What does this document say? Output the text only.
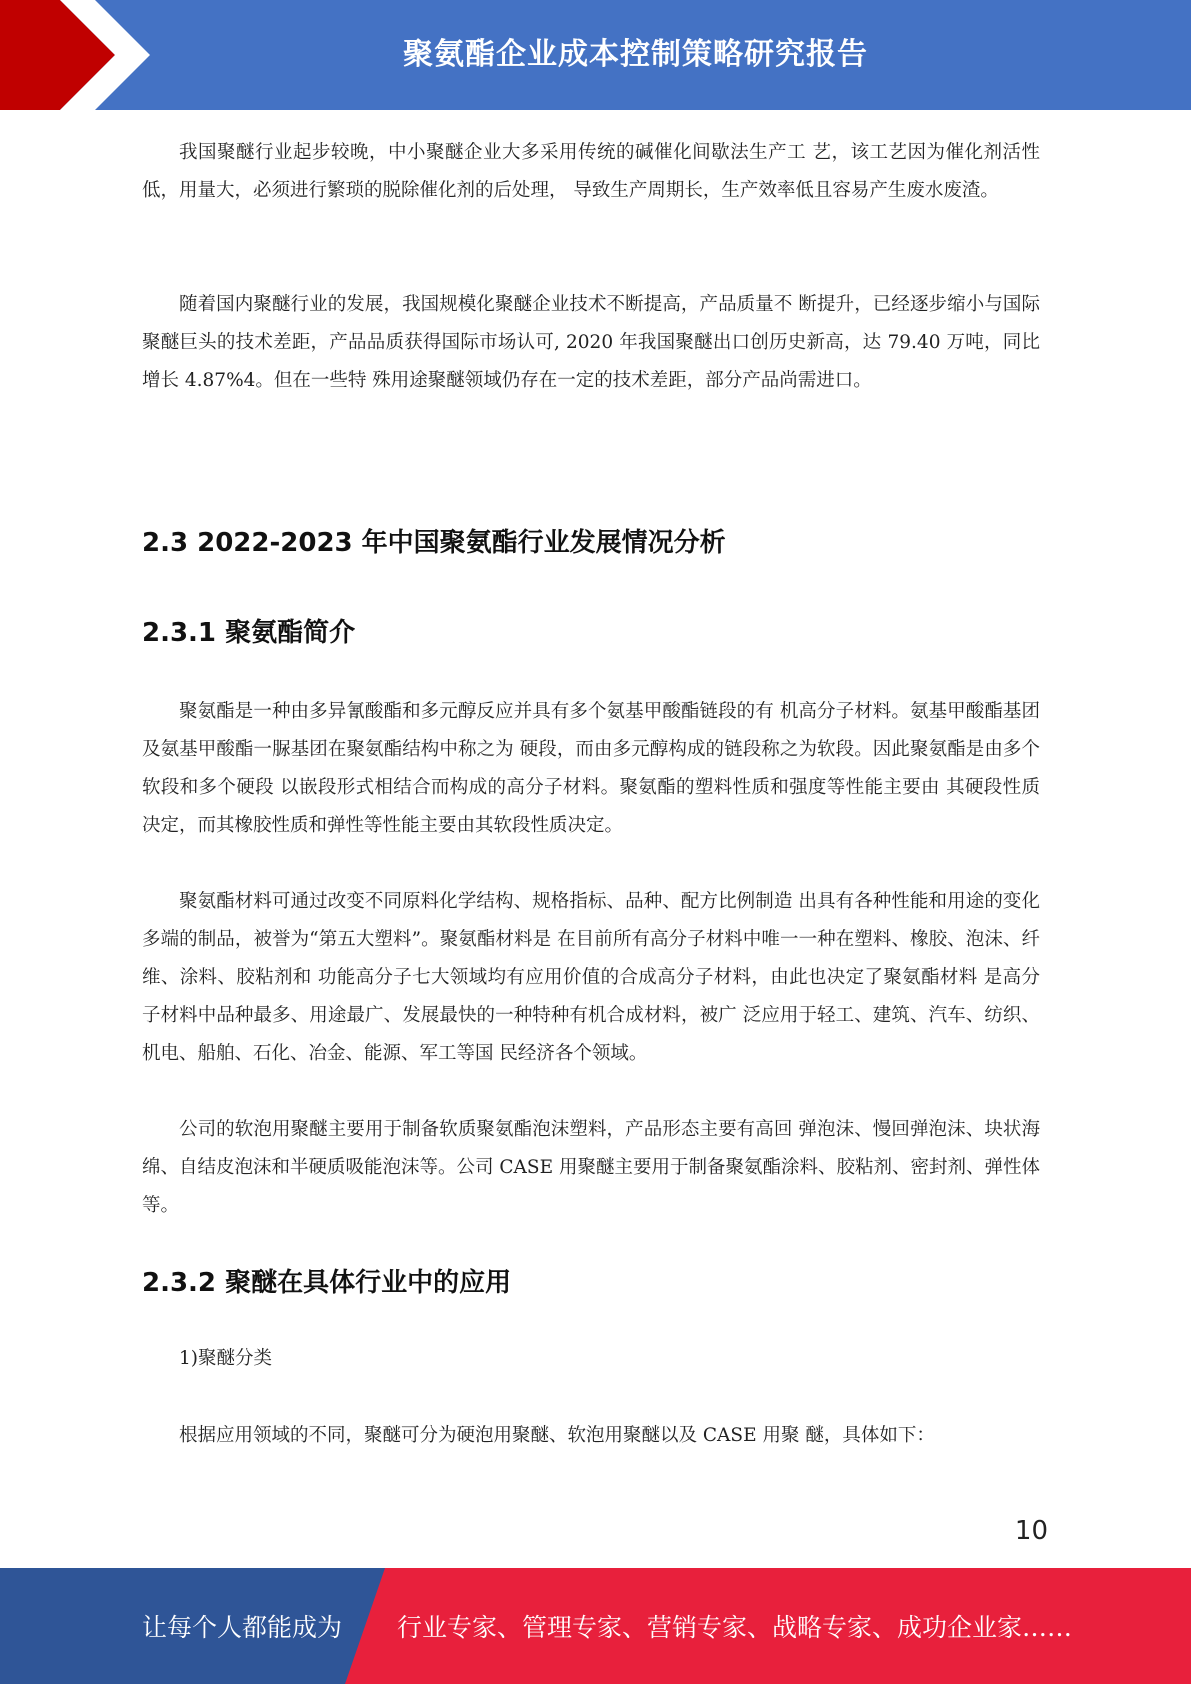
聚氨酯企业成本控制策略研究报告

我国聚醚行业起步较晚，中小聚醚企业大多采用传统的碱催化间歇法生产工 艺，该工艺因为催化剂活性低，用量大，必须进行繁琐的脱除催化剂的后处理， 导致生产周期长，生产效率低且容易产生废水废渣。

随着国内聚醚行业的发展，我国规模化聚醚企业技术不断提高，产品质量不 断提升，已经逐步缩小与国际聚醚巨头的技术差距，产品品质获得国际市场认可, 2020 年我国聚醚出口创历史新高，达 79.40 万吨，同比增长 4.87%4。但在一些特 殊用途聚醚领域仍存在一定的技术差距，部分产品尚需进口。

2.3 2022-2023 年中国聚氨酯行业发展情况分析
2.3.1 聚氨酯简介

聚氨酯是一种由多异氰酸酯和多元醇反应并具有多个氨基甲酸酯链段的有 机高分子材料。氨基甲酸酯基团及氨基甲酸酯一脲基团在聚氨酯结构中称之为 硬段，而由多元醇构成的链段称之为软段。因此聚氨酯是由多个软段和多个硬段 以嵌段形式相结合而构成的高分子材料。聚氨酯的塑料性质和强度等性能主要由 其硬段性质决定，而其橡胶性质和弹性等性能主要由其软段性质决定。

聚氨酯材料可通过改变不同原料化学结构、规格指标、品种、配方比例制造 出具有各种性能和用途的变化多端的制品，被誉为“第五大塑料”。聚氨酯材料是 在目前所有高分子材料中唯一一种在塑料、橡胶、泡沫、纤维、涂料、胶粘剂和 功能高分子七大领域均有应用价值的合成高分子材料，由此也决定了聚氨酯材料 是高分子材料中品种最多、用途最广、发展最快的一种特种有机合成材料，被广 泛应用于轻工、建筑、汽车、纺织、机电、船舶、石化、冶金、能源、军工等国 民经济各个领域。

公司的软泡用聚醚主要用于制备软质聚氨酯泡沫塑料，产品形态主要有高回 弹泡沫、慢回弹泡沫、块状海绵、自结皮泡沫和半硬质吸能泡沫等。公司 CASE 用聚醚主要用于制备聚氨酯涂料、胶粘剂、密封剂、弹性体等。

2.3.2 聚醚在具体行业中的应用

1)聚醚分类

根据应用领域的不同，聚醚可分为硬泡用聚醚、软泡用聚醚以及 CASE 用聚 醚，具体如下：

10
让每个人都能成为 行业专家、管理专家、营销专家、战略专家、成功企业家……
